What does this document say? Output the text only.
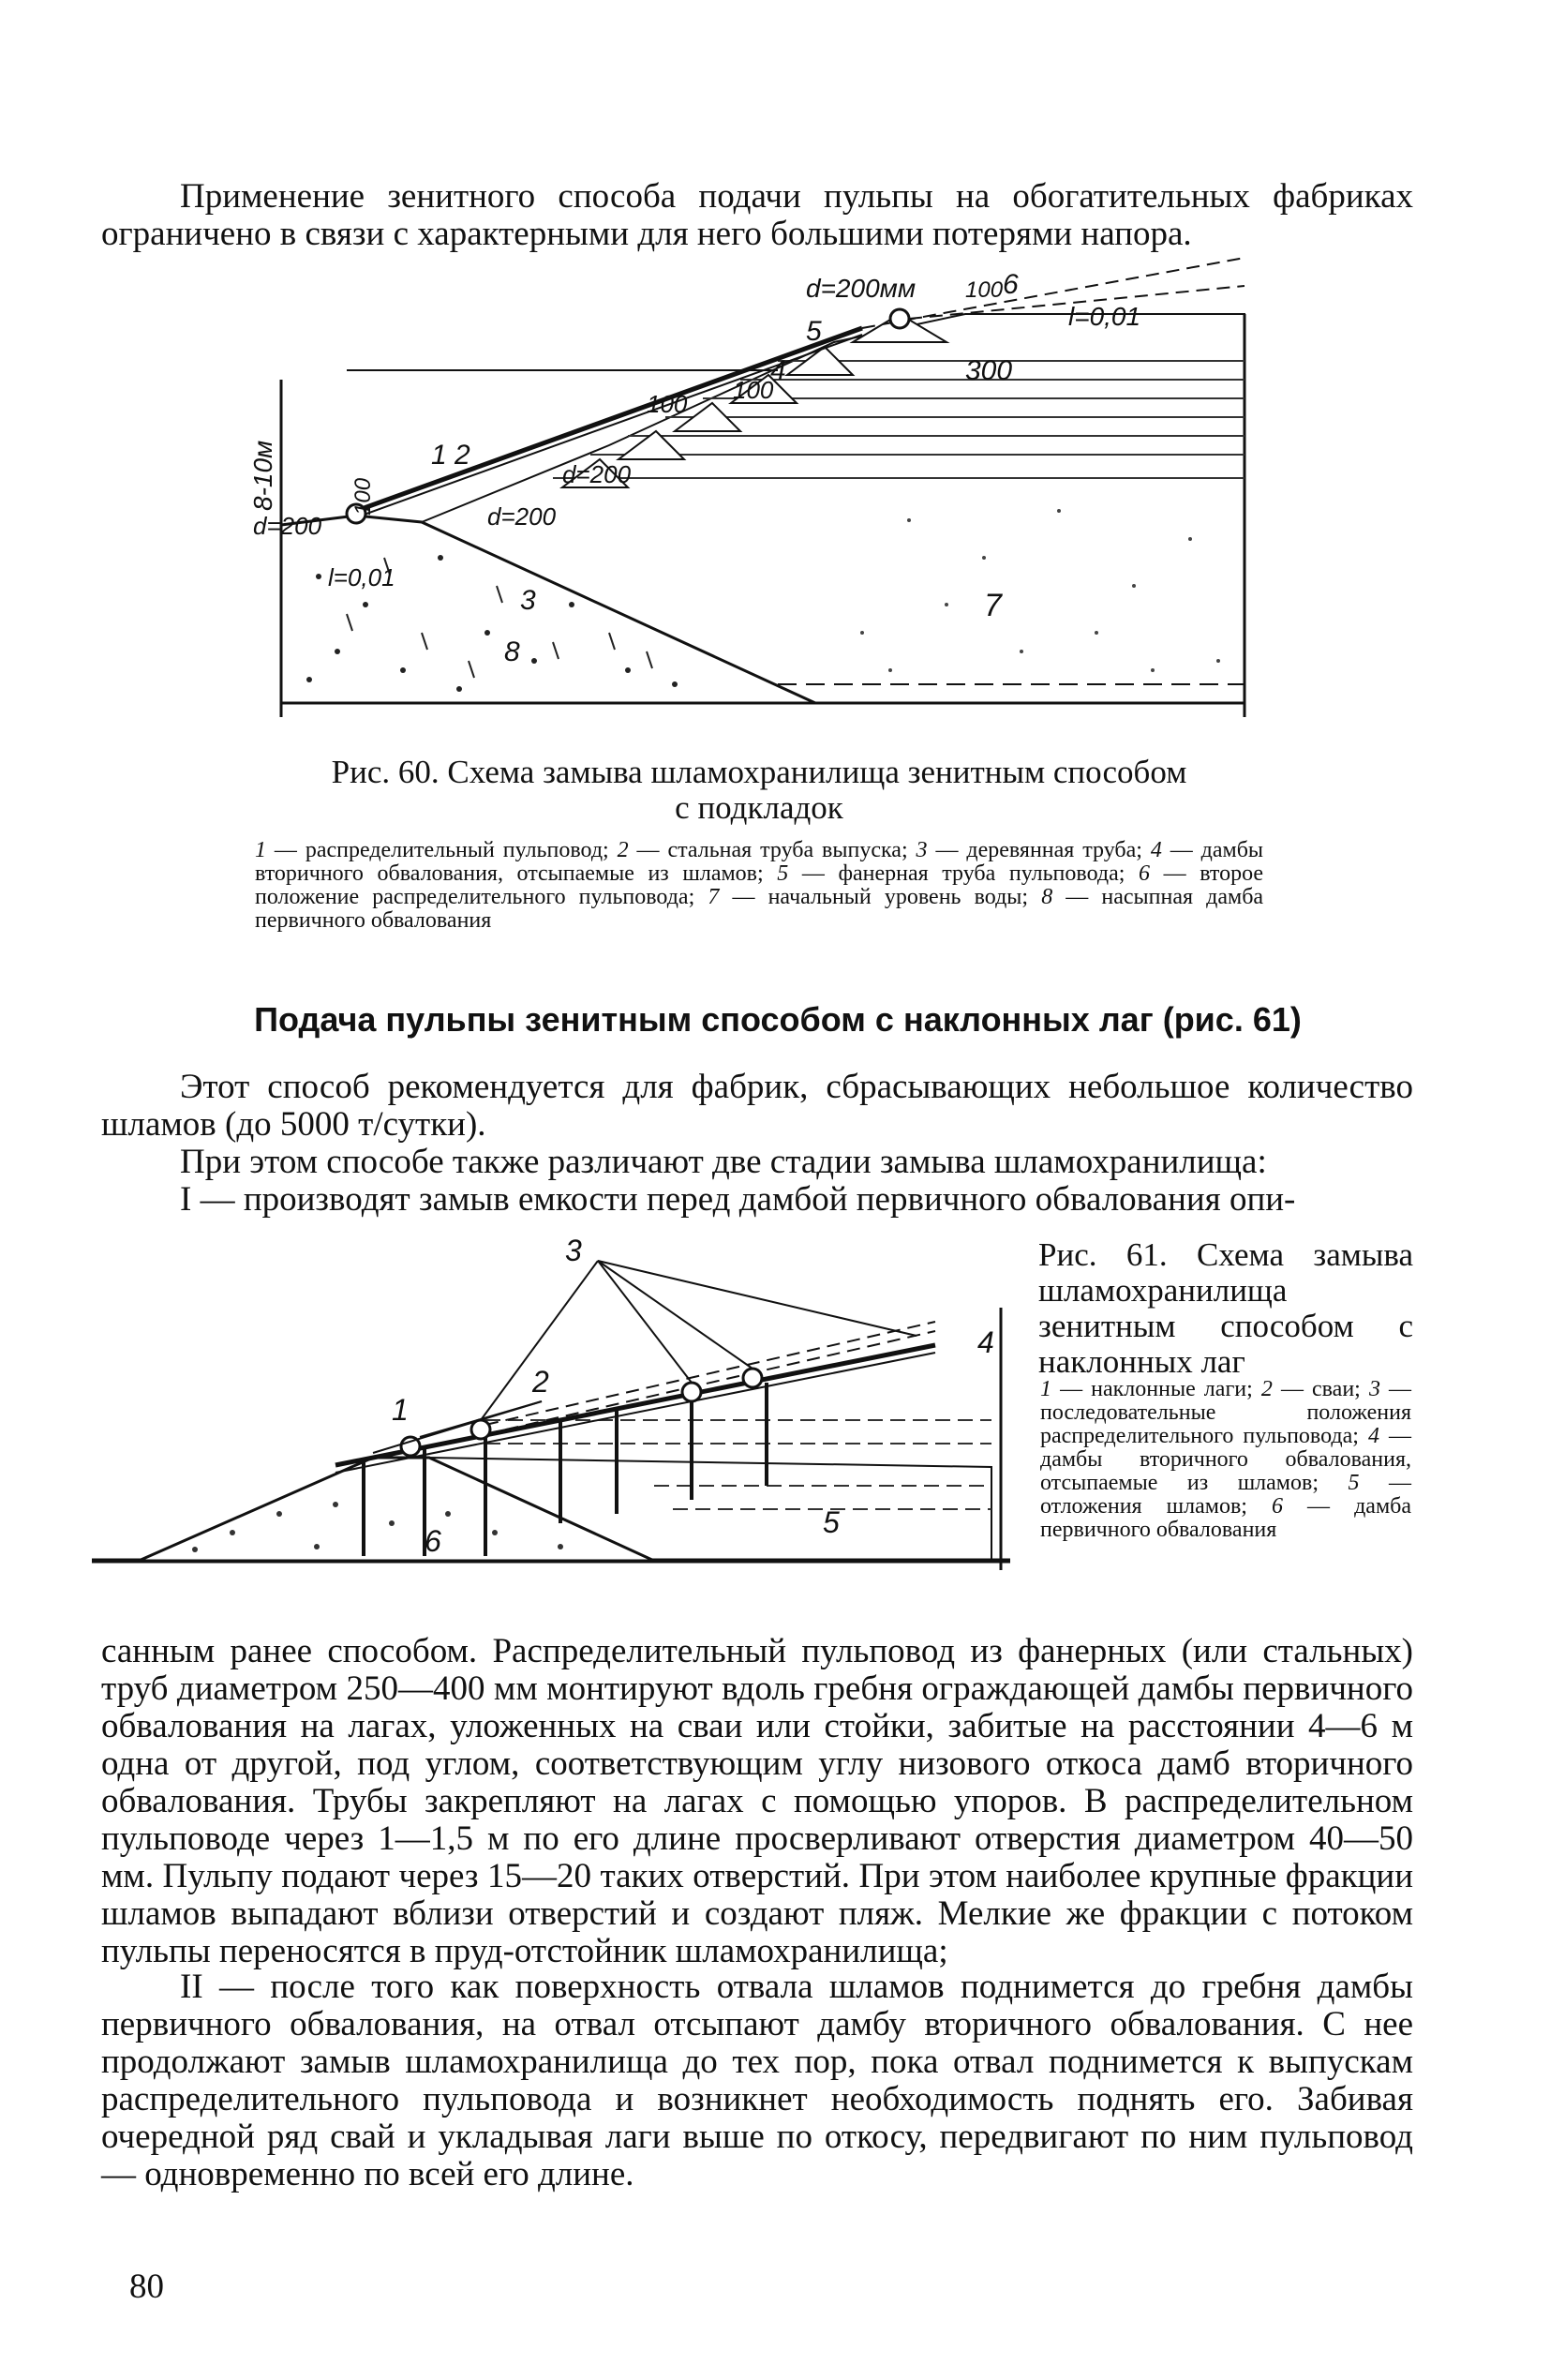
Применение зенитного способа подачи пульпы на обогатительных фабриках ограничено в связи с характерными для него большими потерями напора.

d=200мм 100 6
l=0,01
5
4	300
100 100
d=200
d=200
1 2
8-10м	100
d=200
l=0,01
3
8
7

Рис. 60. Схема замыва шламохранилища зенитным способом

с подкладок

1 — распределительный пульповод; 2 — стальная труба выпуска; 3 — деревянная труба; 4 — дамбы вторичного обвалования, отсыпаемые из шламов; 5 — фанерная труба пульповода; 6 — второе положение распределительного пульповода; 7 — начальный уровень воды; 8 — насыпная дамба первичного обвалования

Подача пульпы зенитным способом с наклонных лаг (рис. 61)

Этот способ рекомендуется для фабрик, сбрасывающих небольшое количество шламов (до 5000 т/сутки).

При этом способе также различают две стадии замыва шламохранилища:

I — производят замыв емкости перед дамбой первичного обвалования опи-

3
2
1
4
5
6

Рис. 61. Схема замыва шламохранилища зенитным способом с наклонных лаг

1 — наклонные лаги; 2 — сваи; 3 — последовательные положения распределительного пульповода; 4 — дамбы вторичного обвалования, отсыпаемые из шламов; 5 — отложения шламов; 6 — дамба первичного обвалования

санным ранее способом. Распределительный пульповод из фанерных (или стальных) труб диаметром 250—400 мм монтируют вдоль гребня ограждающей дамбы первичного обвалования на лагах, уложенных на сваи или стойки, забитые на расстоянии 4—6 м одна от другой, под углом, соответствующим углу низового откоса дамб вторичного обвалования. Трубы закрепляют на лагах с помощью упоров. В распределительном пульповоде через 1—1,5 м по его длине просверливают отверстия диаметром 40—50 мм. Пульпу подают через 15—20 таких отверстий. При этом наиболее крупные фракции шламов выпадают вблизи отверстий и создают пляж. Мелкие же фракции с потоком пульпы переносятся в пруд-отстойник шламохранилища;

II — после того как поверхность отвала шламов поднимется до гребня дамбы первичного обвалования, на отвал отсыпают дамбу вторичного обвалования. С нее продолжают замыв шламохранилища до тех пор, пока отвал поднимется к выпускам распределительного пульповода и возникнет необходимость поднять его. Забивая очередной ряд свай и укладывая лаги выше по откосу, передвигают по ним пульповод — одновременно по всей его длине.

80
